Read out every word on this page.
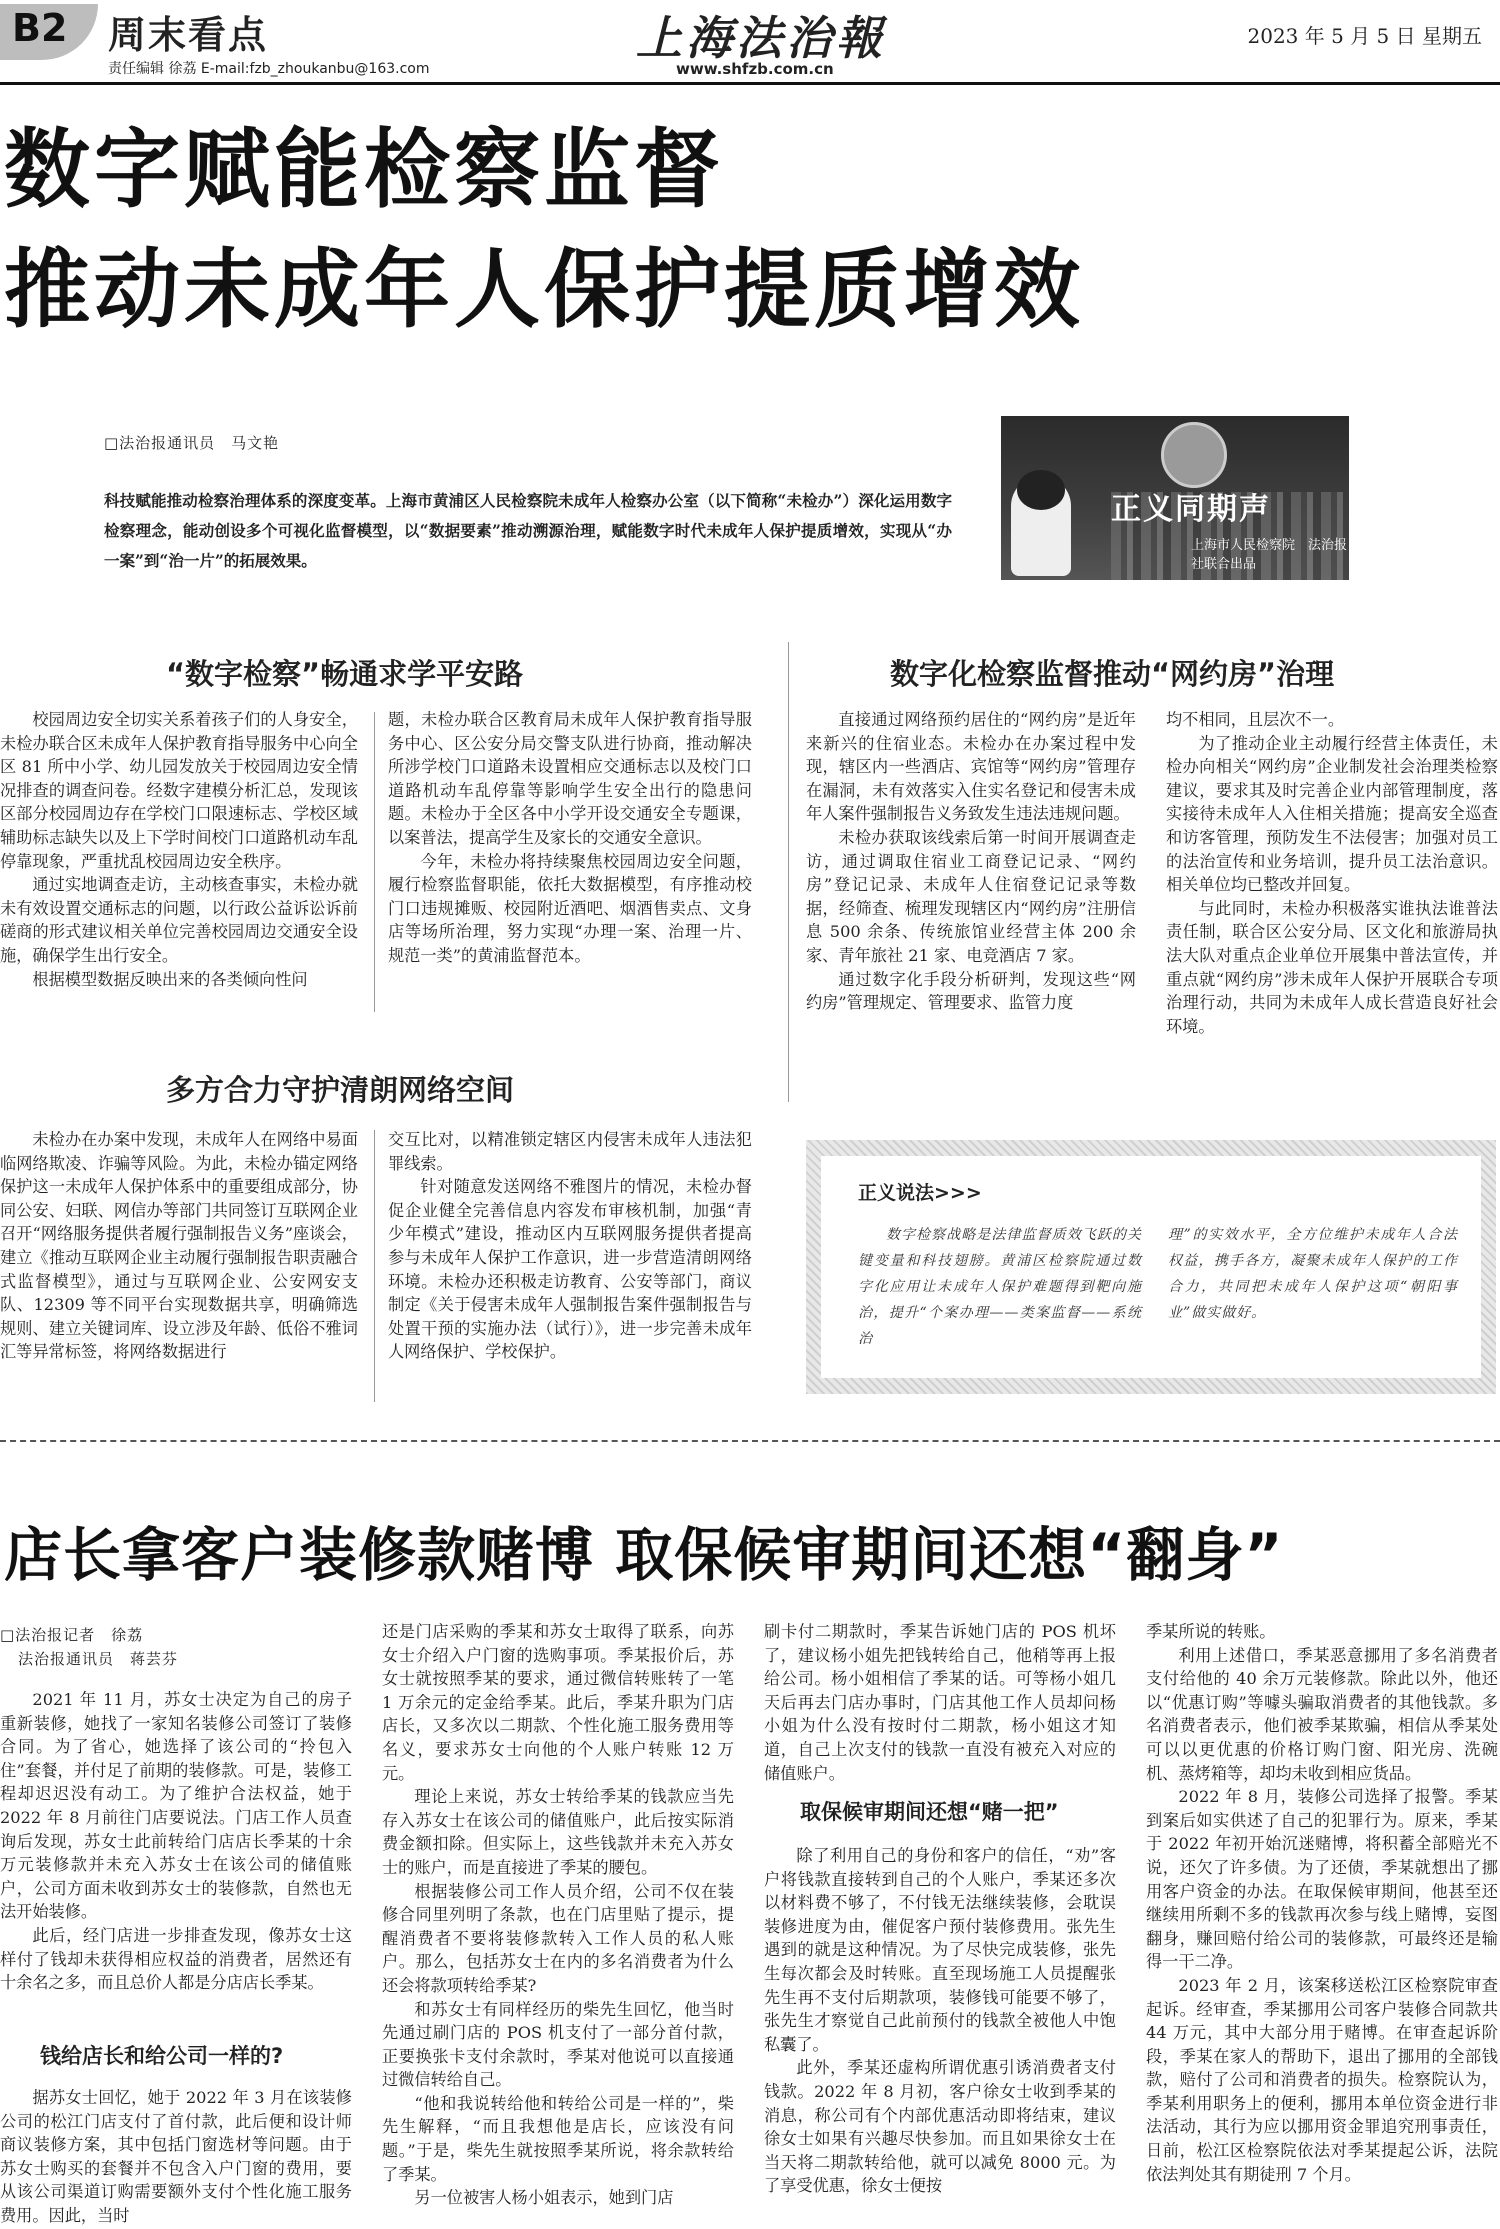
B2 周末看点
责任编辑 徐荔 E-mail:fzb_zhoukanbu@163.com
上海法治報
www.shfzb.com.cn
2023 年 5 月 5 日 星期五
数字赋能检察监督
推动未成年人保护提质增效
□法治报通讯员　马文艳
科技赋能推动检察治理体系的深度变革。上海市黄浦区人民检察院未成年人检察办公室（以下简称“未检办”）深化运用数字检察理念，能动创设多个可视化监督模型，以“数据要素”推动溯源治理，赋能数字时代未成年人保护提质增效，实现从“办一案”到“治一片”的拓展效果。
正义同期声
上海市人民检察院　法治报社联合出品
“数字检察”畅通求学平安路
校园周边安全切实关系着孩子们的人身安全，未检办联合区未成年人保护教育指导服务中心向全区 81 所中小学、幼儿园发放关于校园周边安全情况排查的调查问卷。经数字建模分析汇总，发现该区部分校园周边存在学校门口限速标志、学校区域辅助标志缺失以及上下学时间校门口道路机动车乱停靠现象，严重扰乱校园周边安全秩序。
通过实地调查走访，主动核查事实，未检办就未有效设置交通标志的问题，以行政公益诉讼诉前磋商的形式建议相关单位完善校园周边交通安全设施，确保学生出行安全。
根据模型数据反映出来的各类倾向性问
题，未检办联合区教育局未成年人保护教育指导服务中心、区公安分局交警支队进行协商，推动解决所涉学校门口道路未设置相应交通标志以及校门口道路机动车乱停靠等影响学生安全出行的隐患问题。未检办于全区各中小学开设交通安全专题课，以案普法，提高学生及家长的交通安全意识。
今年，未检办将持续聚焦校园周边安全问题，履行检察监督职能，依托大数据模型，有序推动校门口违规摊贩、校园附近酒吧、烟酒售卖点、文身店等场所治理，努力实现“办理一案、治理一片、规范一类”的黄浦监督范本。
数字化检察监督推动“网约房”治理
直接通过网络预约居住的“网约房”是近年来新兴的住宿业态。未检办在办案过程中发现，辖区内一些酒店、宾馆等“网约房”管理存在漏洞，未有效落实入住实名登记和侵害未成年人案件强制报告义务致发生违法违规问题。
未检办获取该线索后第一时间开展调查走访，通过调取住宿业工商登记记录、“网约房”登记记录、未成年人住宿登记记录等数据，经筛查、梳理发现辖区内“网约房”注册信息 500 余条、传统旅馆业经营主体 200 余家、青年旅社 21 家、电竞酒店 7 家。
通过数字化手段分析研判，发现这些“网约房”管理规定、管理要求、监管力度
均不相同，且层次不一。
为了推动企业主动履行经营主体责任，未检办向相关“网约房”企业制发社会治理类检察建议，要求其及时完善企业内部管理制度，落实接待未成年人入住相关措施；提高安全巡查和访客管理，预防发生不法侵害；加强对员工的法治宣传和业务培训，提升员工法治意识。相关单位均已整改并回复。
与此同时，未检办积极落实谁执法谁普法责任制，联合区公安分局、区文化和旅游局执法大队对重点企业单位开展集中普法宣传，并重点就“网约房”涉未成年人保护开展联合专项治理行动，共同为未成年人成长营造良好社会环境。
多方合力守护清朗网络空间
未检办在办案中发现，未成年人在网络中易面临网络欺凌、诈骗等风险。为此，未检办锚定网络保护这一未成年人保护体系中的重要组成部分，协同公安、妇联、网信办等部门共同签订互联网企业召开“网络服务提供者履行强制报告义务”座谈会，建立《推动互联网企业主动履行强制报告职责融合式监督模型》，通过与互联网企业、公安网安支队、12309 等不同平台实现数据共享，明确筛选规则、建立关键词库、设立涉及年龄、低俗不雅词汇等异常标签，将网络数据进行
交互比对，以精准锁定辖区内侵害未成年人违法犯罪线索。
针对随意发送网络不雅图片的情况，未检办督促企业健全完善信息内容发布审核机制，加强“青少年模式”建设，推动区内互联网服务提供者提高参与未成年人保护工作意识，进一步营造清朗网络环境。未检办还积极走访教育、公安等部门，商议制定《关于侵害未成年人强制报告案件强制报告与处置干预的实施办法（试行）》，进一步完善未成年人网络保护、学校保护。
正义说法>>>
数字检察战略是法律监督质效飞跃的关键变量和科技翅膀。黄浦区检察院通过数字化应用让未成年人保护难题得到靶向施治，提升“个案办理——类案监督——系统治
理”的实效水平，全方位维护未成年人合法权益，携手各方，凝聚未成年人保护的工作合力，共同把未成年人保护这项“朝阳事业”做实做好。
店长拿客户装修款赌博 取保候审期间还想“翻身”
□法治报记者　徐荔
法治报通讯员　蒋芸芬
2021 年 11 月，苏女士决定为自己的房子重新装修，她找了一家知名装修公司签订了装修合同。为了省心，她选择了该公司的“拎包入住”套餐，并付足了前期的装修款。可是，装修工程却迟迟没有动工。为了维护合法权益，她于 2022 年 8 月前往门店要说法。门店工作人员查询后发现，苏女士此前转给门店店长季某的十余万元装修款并未充入苏女士在该公司的储值账户，公司方面未收到苏女士的装修款，自然也无法开始装修。
此后，经门店进一步排查发现，像苏女士这样付了钱却未获得相应权益的消费者，居然还有十余名之多，而且总价人都是分店店长季某。
钱给店长和给公司一样的?
据苏女士回忆，她于 2022 年 3 月在该装修公司的松江门店支付了首付款，此后便和设计师商议装修方案，其中包括门窗选材等问题。由于苏女士购买的套餐并不包含入户门窗的费用，要从该公司渠道订购需要额外支付个性化施工服务费用。因此，当时
还是门店采购的季某和苏女士取得了联系，向苏女士介绍入户门窗的选购事项。季某报价后，苏女士就按照季某的要求，通过微信转账转了一笔 1 万余元的定金给季某。此后，季某升职为门店店长，又多次以二期款、个性化施工服务费用等名义，要求苏女士向他的个人账户转账 12 万元。
理论上来说，苏女士转给季某的钱款应当先存入苏女士在该公司的储值账户，此后按实际消费金额扣除。但实际上，这些钱款并未充入苏女士的账户，而是直接进了季某的腰包。
根据装修公司工作人员介绍，公司不仅在装修合同里列明了条款，也在门店里贴了提示，提醒消费者不要将装修款转入工作人员的私人账户。那么，包括苏女士在内的多名消费者为什么还会将款项转给季某?
和苏女士有同样经历的柴先生回忆，他当时先通过刷门店的 POS 机支付了一部分首付款，正要换张卡支付余款时，季某对他说可以直接通过微信转给自己。
“他和我说转给他和转给公司是一样的”，柴先生解释，“而且我想他是店长，应该没有问题。”于是，柴先生就按照季某所说，将余款转给了季某。
另一位被害人杨小姐表示，她到门店
刷卡付二期款时，季某告诉她门店的 POS 机坏了，建议杨小姐先把钱转给自己，他稍等再上报给公司。杨小姐相信了季某的话。可等杨小姐几天后再去门店办事时，门店其他工作人员却问杨小姐为什么没有按时付二期款，杨小姐这才知道，自己上次支付的钱款一直没有被充入对应的储值账户。
取保候审期间还想“赌一把”
除了利用自己的身份和客户的信任，“劝”客户将钱款直接转到自己的个人账户，季某还多次以材料费不够了，不付钱无法继续装修，会耽误装修进度为由，催促客户预付装修费用。张先生遇到的就是这种情况。为了尽快完成装修，张先生每次都会及时转账。直至现场施工人员提醒张先生再不支付后期款项，装修钱可能要不够了，张先生才察觉自己此前预付的钱款全被他人中饱私囊了。
此外，季某还虚构所谓优惠引诱消费者支付钱款。2022 年 8 月初，客户徐女士收到季某的消息，称公司有个内部优惠活动即将结束，建议徐女士如果有兴趣尽快参加。而且如果徐女士在当天将二期款转给他，就可以减免 8000 元。为了享受优惠，徐女士便按
季某所说的转账。
利用上述借口，季某恶意挪用了多名消费者支付给他的 40 余万元装修款。除此以外，他还以“优惠订购”等噱头骗取消费者的其他钱款。多名消费者表示，他们被季某欺骗，相信从季某处可以以更优惠的价格订购门窗、阳光房、洗碗机、蒸烤箱等，却均未收到相应货品。
2022 年 8 月，装修公司选择了报警。季某到案后如实供述了自己的犯罪行为。原来，季某于 2022 年初开始沉迷赌博，将积蓄全部赔光不说，还欠了许多债。为了还债，季某就想出了挪用客户资金的办法。在取保候审期间，他甚至还继续用所剩不多的钱款再次参与线上赌博，妄图翻身，赚回赔付给公司的装修款，可最终还是输得一干二净。
2023 年 2 月，该案移送松江区检察院审查起诉。经审查，季某挪用公司客户装修合同款共 44 万元，其中大部分用于赌博。在审查起诉阶段，季某在家人的帮助下，退出了挪用的全部钱款，赔付了公司和消费者的损失。检察院认为，季某利用职务上的便利，挪用本单位资金进行非法活动，其行为应以挪用资金罪追究刑事责任，日前，松江区检察院依法对季某提起公诉，法院依法判处其有期徒刑 7 个月。
